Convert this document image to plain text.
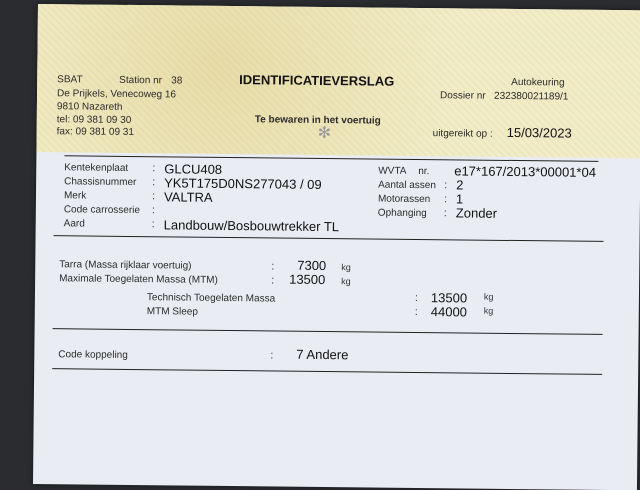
SBAT	Station nr 38
De Prijkels, Venecoweg 16
9810 Nazareth
tel: 09 381 09 30
fax: 09 381 09 31
IDENTIFICATIEVERSLAG
Te bewaren in het voertuig
✻
Autokeuring
Dossier nr 232380021189/1
uitgereikt op : 15/03/2023
Kentekenplaat : GLCU408
Chassisnummer : YK5T175D0NS277043 / 09
Merk	: VALTRA
Code carrosserie :
Aard	: Landbouw/Bosbouwtrekker TL
WVTA nr. e17*167/2013*00001*04
Aantal assen : 2
Motorassen : 1
Ophanging : Zonder
Tarra (Massa rijklaar voertuig)	: 7300 kg
Maximale Toegelaten Massa (MTM)	: 13500 kg
Technisch Toegelaten Massa	: 13500 kg
MTM Sleep	: 44000 kg
Code koppeling	: 7 Andere
